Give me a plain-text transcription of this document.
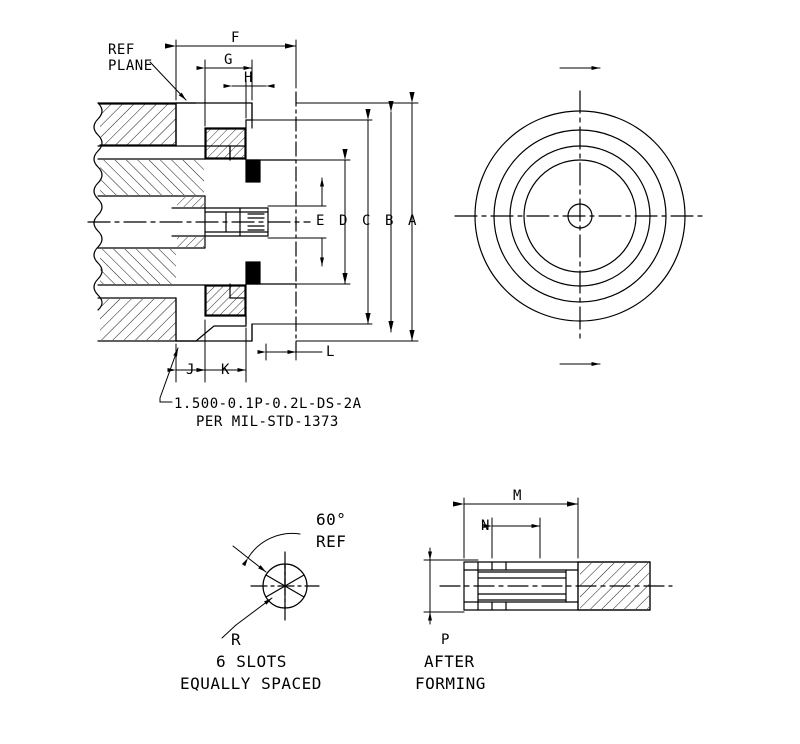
REF
PLANE
F
G
H
E D C B A
J K
L
1.500-0.1P-0.2L-DS-2A
PER MIL-STD-1373
60°
REF
R
6 SLOTS
EQUALLY SPACED
M
N
P
AFTER
FORMING
